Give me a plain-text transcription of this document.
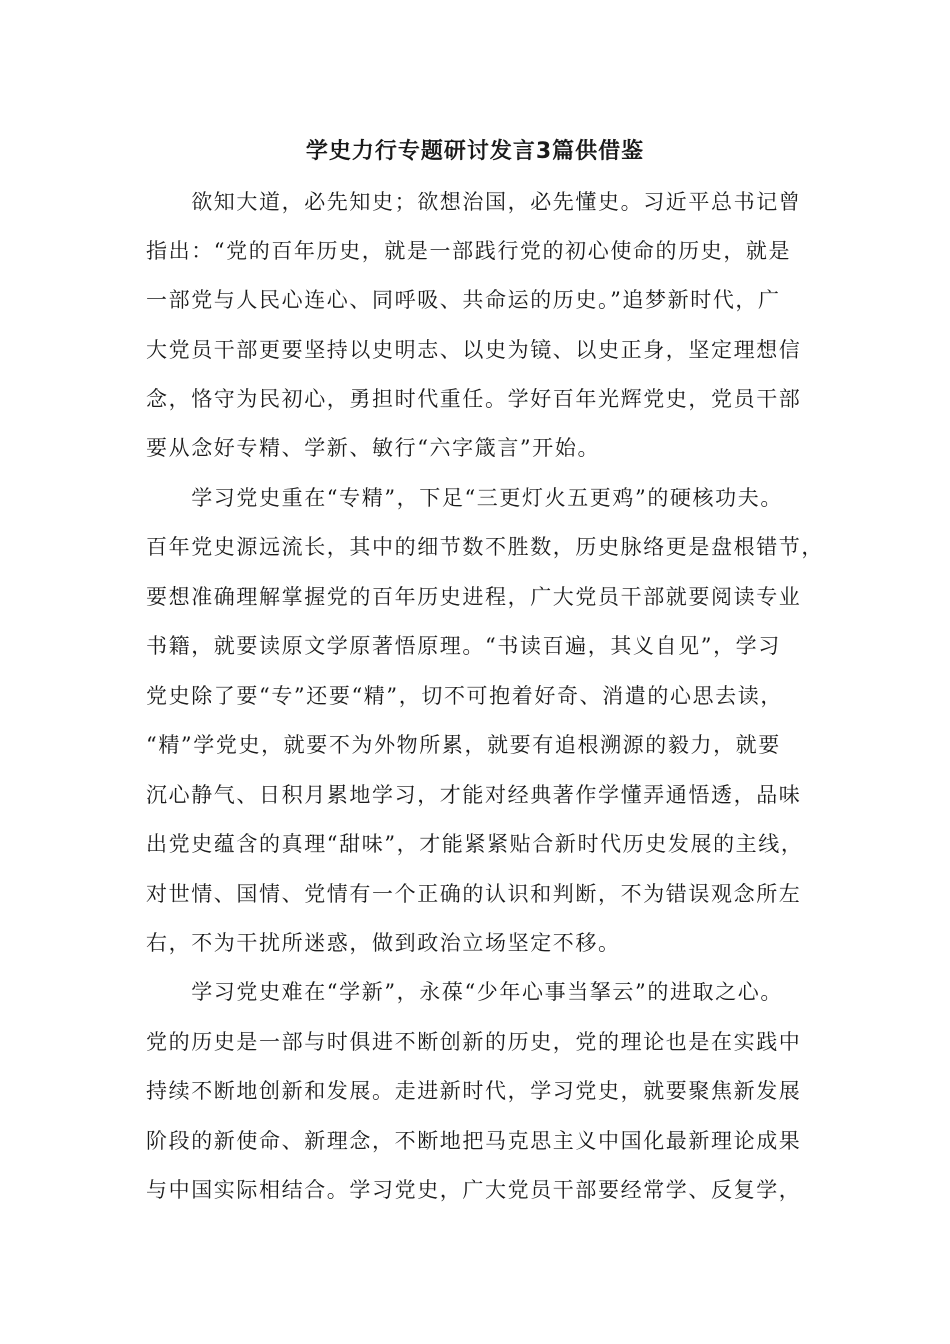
学史力行专题研讨发言3篇供借鉴

　　欲知大道，必先知史；欲想治国，必先懂史。习近平总书记曾

指出：“党的百年历史，就是一部践行党的初心使命的历史，就是

一部党与人民心连心、同呼吸、共命运的历史。”追梦新时代，广

大党员干部更要坚持以史明志、以史为镜、以史正身，坚定理想信

念，恪守为民初心，勇担时代重任。学好百年光辉党史，党员干部

要从念好专精、学新、敏行“六字箴言”开始。

　　学习党史重在“专精”，下足“三更灯火五更鸡”的硬核功夫。

百年党史源远流长，其中的细节数不胜数，历史脉络更是盘根错节，

要想准确理解掌握党的百年历史进程，广大党员干部就要阅读专业

书籍，就要读原文学原著悟原理。“书读百遍，其义自见”，学习

党史除了要“专”还要“精”，切不可抱着好奇、消遣的心思去读，

“精”学党史，就要不为外物所累，就要有追根溯源的毅力，就要

沉心静气、日积月累地学习，才能对经典著作学懂弄通悟透，品味

出党史蕴含的真理“甜味”，才能紧紧贴合新时代历史发展的主线，

对世情、国情、党情有一个正确的认识和判断，不为错误观念所左

右，不为干扰所迷惑，做到政治立场坚定不移。

　　学习党史难在“学新”，永葆“少年心事当拏云”的进取之心。

党的历史是一部与时俱进不断创新的历史，党的理论也是在实践中

持续不断地创新和发展。走进新时代，学习党史，就要聚焦新发展

阶段的新使命、新理念，不断地把马克思主义中国化最新理论成果

与中国实际相结合。学习党史，广大党员干部要经常学、反复学，
